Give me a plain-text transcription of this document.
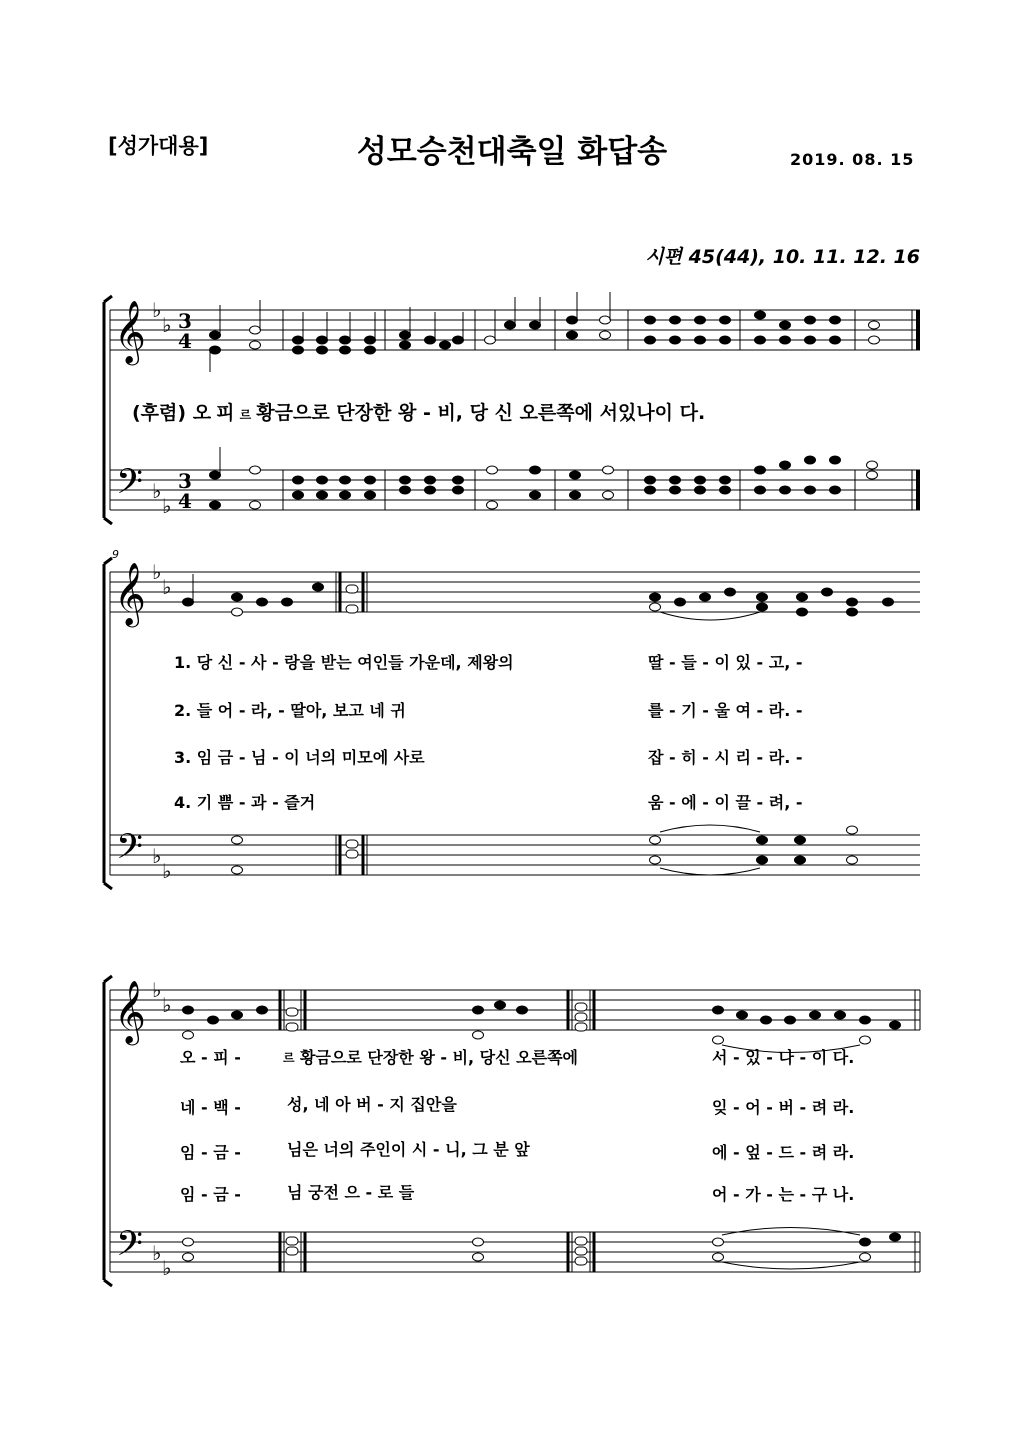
[성가대용]	성모승천대축일 화답송	2019. 08. 15
시편 45(44), 10. 11. 12. 16
𝄞
𝄢
𝄞
𝄢
𝄞
𝄢
♭
♭
♭
♭
♭
♭
♭
♭
♭
♭
♭
♭
3
4
3
4
9
(후렴) 오 피 르 황금으로 단장한 왕 - 비, 당 신 오른쪽에 서있나이 다.
1. 당 신 - 사 - 랑을 받는 여인들 가운데, 제왕의	딸 - 들 - 이 있 - 고, -
2. 들 어 - 라, - 딸아, 보고 네 귀	를 - 기 - 울 여 - 라. -
3. 임 금 - 님 - 이 너의 미모에 사로	잡 - 히 - 시 리 - 라. -
4. 기 쁨 - 과 - 즐거	움 - 에 - 이 끌 - 려, -
오 - 피 -	르 황금으로 단장한 왕 - 비, 당신 오른쪽에	서 - 있 - 나 - 이 다.
네 - 백 -	성, 네 아 버 - 지 집안을	잊 - 어 - 버 - 려 라.
임 - 금 -	님은 너의 주인이 시 - 니, 그 분 앞	에 - 엎 - 드 - 려 라.
임 - 금 -	님 궁전 으 - 로 들	어 - 가 - 는 - 구 나.
